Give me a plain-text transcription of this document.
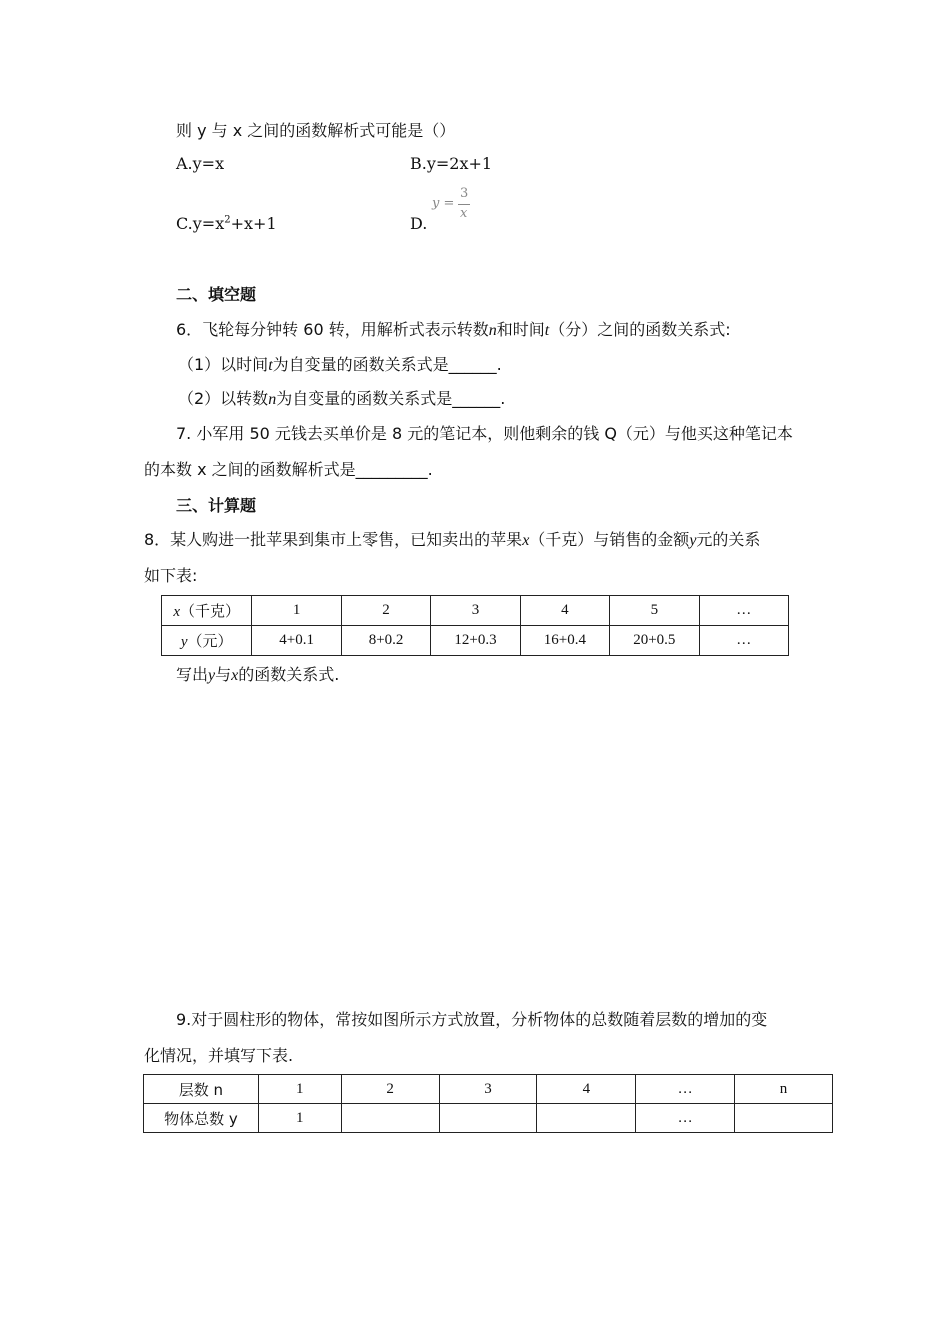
则 y 与 x 之间的函数解析式可能是（）
A.y=x	B.y=2x+1
$C.y=x^2+x+1$	D.
y =
3
x
二、填空题
6．飞轮每分钟转 60 转，用解析式表示转数n和时间t（分）之间的函数关系式:
（1）以时间t为自变量的函数关系式是______.
（2）以转数n为自变量的函数关系式是______.
7. 小军用 50 元钱去买单价是 8 元的笔记本，则他剩余的钱 Q（元）与他买这种笔记本
的本数 x 之间的函数解析式是_________.
三、计算题
8．某人购进一批苹果到集市上零售，已知卖出的苹果x（千克）与销售的金额y元的关系
如下表:
x（千克）	1	2	3	4	5	…
y（元）	4+0.1	8+0.2	12+0.3	16+0.4	20+0.5	…
写出y与x的函数关系式.
9.对于圆柱形的物体，常按如图所示方式放置，分析物体的总数随着层数的增加的变
化情况，并填写下表.
层数 n	1	2	3	4	…	n
物体总数 y	1				…	
